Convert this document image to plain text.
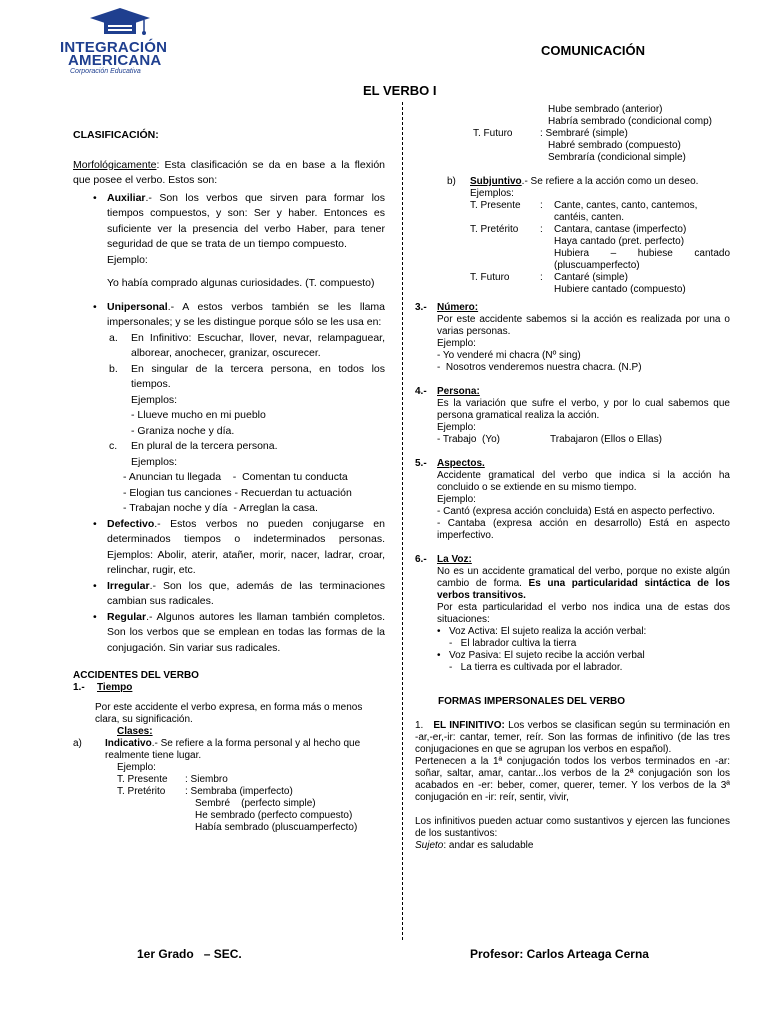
INTEGRACIÓN
AMERICANA
Corporación Educativa
COMUNICACIÓN
EL VERBO I

CLASIFICACIÓN:

Morfológicamente: Esta clasificación se da en base a la flexión que posee el verbo. Estos son:

• Auxiliar.- Son los verbos que sirven para formar los tiempos compuestos, y son: Ser y haber. Entonces es suficiente ver la presencia del verbo Haber, para tener seguridad de que se trata de un tiempo compuesto.

Ejemplo:

Yo había comprado algunas curiosidades. (T. compuesto)

• Unipersonal.- A estos verbos también se les llama impersonales; y se les distingue porque sólo se les usa en:

a. En Infinitivo: Escuchar, llover, nevar, relampaguear, alborear, anochecer, granizar, oscurecer.

b. En singular de la tercera persona, en todos los tiempos.

Ejemplos:

- Llueve mucho en mi pueblo

- Graniza noche y día.

c. En plural de la tercera persona.

Ejemplos:

- Anuncian tu llegada    -  Comentan tu conducta

- Elogian tus canciones - Recuerdan tu actuación

- Trabajan noche y día  - Arreglan la casa.

• Defectivo.- Estos verbos no pueden conjugarse en determinados tiempos o indeterminados personas. Ejemplos: Abolir, aterir, atañer, morir, nacer, ladrar, croar, relinchar, rugir, etc.

• Irregular.- Son los que, además de las terminaciones cambian sus radicales.

• Regular.- Algunos autores les llaman también completos. Son los verbos que se emplean en todas las formas de la conjugación. Sin variar sus radicales.

ACCIDENTES DEL VERBO

1.- Tiempo

Por este accidente el verbo expresa, en forma más o menos clara, su significación.

Clases:

a) Indicativo.- Se refiere a la forma personal y al hecho que realmente tiene lugar.

Ejemplo:

T. Presente	: Siembro
T. Pretérito	: Sembraba (imperfecto)

Sembré    (perfecto simple)

He sembrado (perfecto compuesto)

Había sembrado (pluscuamperfecto)

Hube sembrado (anterior)

Habría sembrado (condicional comp)

T. Futuro	: Sembraré (simple)

Habré sembrado (compuesto)

Sembraría (condicional simple)

b) Subjuntivo.- Se refiere a la acción como un deseo.

Ejemplos:

T. Presente	:	Cante, cantes, canto, cantemos, cantéis, canten.
T. Pretérito	:	Cantara, cantase (imperfecto)

Haya cantado (pret. perfecto)

Hubiera – hubiese cantado (pluscuamperfecto)

T. Futuro	:	Cantaré (simple)

Hubiere cantado (compuesto)

3.- Número:

Por este accidente sabemos si la acción es realizada por una o varias personas.

Ejemplo:

- Yo venderé mi chacra (Nº sing)

-  Nosotros venderemos nuestra chacra. (N.P)

4.- Persona:

Es la variación que sufre el verbo, y por lo cual sabemos que persona gramatical realiza la acción.

Ejemplo:

- Trabajo  (Yo)	Trabajaron (Ellos o Ellas)

5.- Aspectos.

Accidente gramatical del verbo que indica si la acción ha concluido o se extiende en su mismo tiempo.

Ejemplo:

- Cantó (expresa acción concluida) Está en aspecto perfectivo.

- Cantaba (expresa acción en desarrollo) Está en aspecto imperfectivo.

6.- La Voz:

No es un accidente gramatical del verbo, porque no existe algún cambio de forma. Es una particularidad sintáctica de los verbos transitivos.

Por esta particularidad el verbo nos indica una de estas dos situaciones:

• Voz Activa: El sujeto realiza la acción verbal:

-   El labrador cultiva la tierra

• Voz Pasiva: El sujeto recibe la acción verbal

-   La tierra es cultivada por el labrador.

FORMAS IMPERSONALES DEL VERBO

1. EL INFINITIVO: Los verbos se clasifican según su terminación en -ar,-er,-ir: cantar, temer, reír. Son las formas de infinitivo (de las tres conjugaciones en que se agrupan los verbos en español).

Pertenecen a la 1ª conjugación todos los verbos terminados en -ar: soñar, saltar, amar, cantar...los verbos de la 2ª conjugación son los acabados en -er: beber, comer, querer, temer. Y los verbos de la 3ª conjugación en -ir: reír, sentir, vivir,

Los infinitivos pueden actuar como sustantivos y ejercen las funciones de los sustantivos:

Sujeto: andar es saludable

1er Grado   – SEC.	Profesor: Carlos Arteaga Cerna
